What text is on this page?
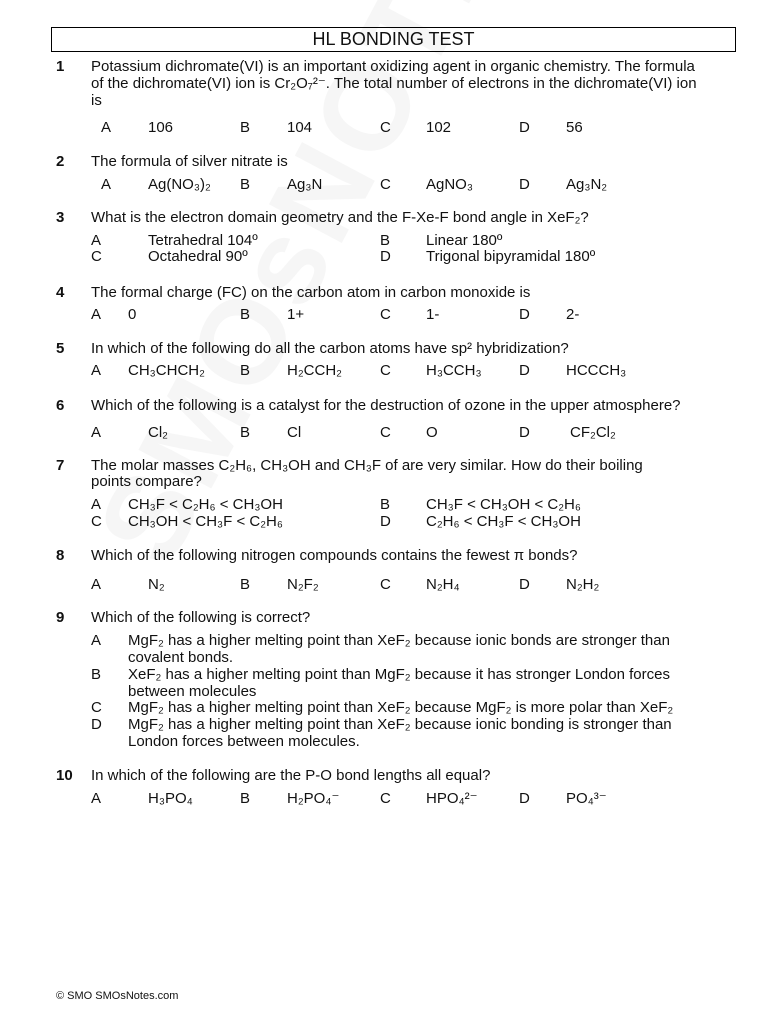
HL BONDING TEST
1 Potassium dichromate(VI) is an important oxidizing agent in organic chemistry. The formula
of the dichromate(VI) ion is Cr₂O₇²⁻. The total number of electrons in the dichromate(VI) ion
is
A 106	B 104	C 102	D 56
2 The formula of silver nitrate is
A Ag(NO₃)₂ B Ag₃N	C AgNO₃	D Ag₃N₂
3 What is the electron domain geometry and the F-Xe-F bond angle in XeF₂?
A	Tetrahedral 104º	B Linear 180º
C	Octahedral 90º	D Trigonal bipyramidal 180º
4 The formal charge (FC) on the carbon atom in carbon monoxide is
A 0	B 1+	C 1-	D 2-
5 In which of the following do all the carbon atoms have sp² hybridization?
A CH₃CHCH₂ B H₂CCH₂	C H₃CCH₃ D HCCCH₃
6 Which of the following is a catalyst for the destruction of ozone in the upper atmosphere?
A	Cl₂	B Cl	C O	D	CF₂Cl₂
7 The molar masses C₂H₆, CH₃OH and CH₃F of are very similar. How do their boiling
points compare?
A CH₃F < C₂H₆ < CH₃OH	B CH₃F < CH₃OH < C₂H₆
C CH₃OH < CH₃F < C₂H₆	D C₂H₆ < CH₃F < CH₃OH
8 Which of the following nitrogen compounds contains the fewest π bonds?
A	N₂	B N₂F₂	C N₂H₄	D N₂H₂
9 Which of the following is correct?
A MgF₂ has a higher melting point than XeF₂ because ionic bonds are stronger than
covalent bonds.
B XeF₂ has a higher melting point than MgF₂ because it has stronger London forces
between molecules
C MgF₂ has a higher melting point than XeF₂ because MgF₂ is more polar than XeF₂
D MgF₂ has a higher melting point than XeF₂ because ionic bonding is stronger than
London forces between molecules.
10 In which of the following are the P-O bond lengths all equal?
A	H₃PO₄	B H₂PO₄⁻	C HPO₄²⁻	D PO₄³⁻
© SMO SMOsNotes.com
